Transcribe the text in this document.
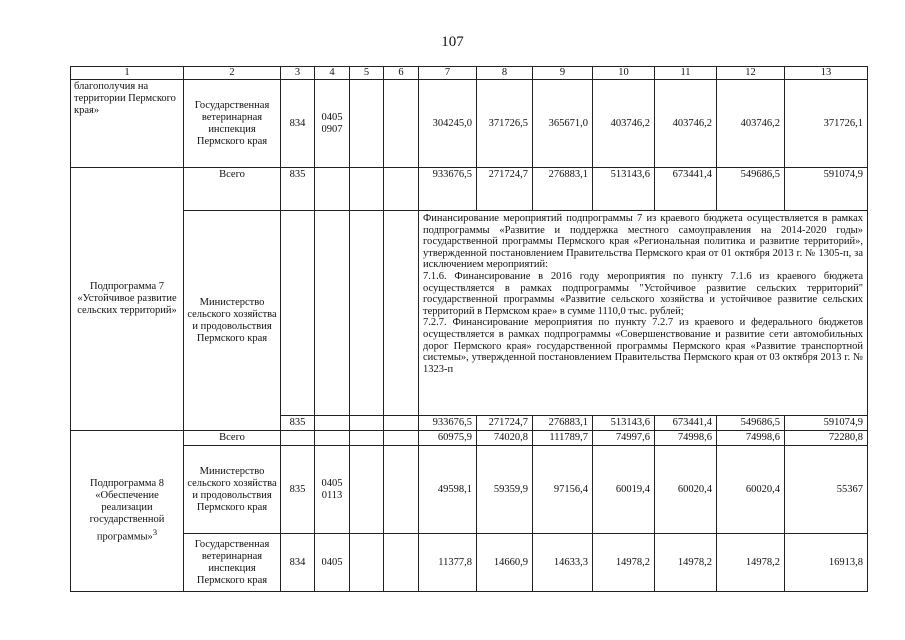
107
1	2	3	4	5	6	7	8	9	10	11	12	13
благополучия на территории Пермского края»	Государственная ветеринарная инспекция Пермского края	834	0405
0907			304245,0	371726,5	365671,0	403746,2	403746,2	403746,2	371726,1
Подпрограмма 7 «Устойчивое развитие сельских территорий»	Всего	835				933676,5	271724,7	276883,1	513143,6	673441,4	549686,5	591074,9
	Министерство сельского хозяйства и продовольствия Пермского края					Финансирование мероприятий подпрограммы 7 из краевого бюджета осуществляется в рамках подпрограммы «Развитие и поддержка местного самоуправления на 2014-2020 годы» государственной программы Пермского края «Региональная политика и развитие территорий», утвержденной постановлением Правительства Пермского края от 01 октября 2013 г. № 1305-п, за исключением мероприятий:
7.1.6. Финансирование в 2016 году мероприятия по пункту 7.1.6 из краевого бюджета осуществляется в рамках подпрограммы "Устойчивое развитие сельских территорий" государственной программы «Развитие сельского хозяйства и устойчивое развитие сельских территорий в Пермском крае» в сумме 1110,0 тыс. рублей;
7.2.7. Финансирование мероприятия по пункту 7.2.7 из краевого и федерального бюджетов осуществляется в рамках подпрограммы «Совершенствование и развитие сети автомобильных дорог Пермского края» государственной программы Пермского края «Развитие транспортной системы», утвержденной постановлением Правительства Пермского края от 03 октября 2013 г. № 1323-п						

		835				933676,5	271724,7	276883,1	513143,6	673441,4	549686,5	591074,9
Подпрограмма 8 «Обеспечение реализации государственной программы»$^3$	Всего					60975,9	74020,8	111789,7	74997,6	74998,6	74998,6	72280,8
	Министерство сельского хозяйства и продовольствия Пермского края	835	0405
0113			49598,1	59359,9	97156,4	60019,4	60020,4	60020,4	55367
	Государственная ветеринарная инспекция Пермского края	834	0405			11377,8	14660,9	14633,3	14978,2	14978,2	14978,2	16913,8
